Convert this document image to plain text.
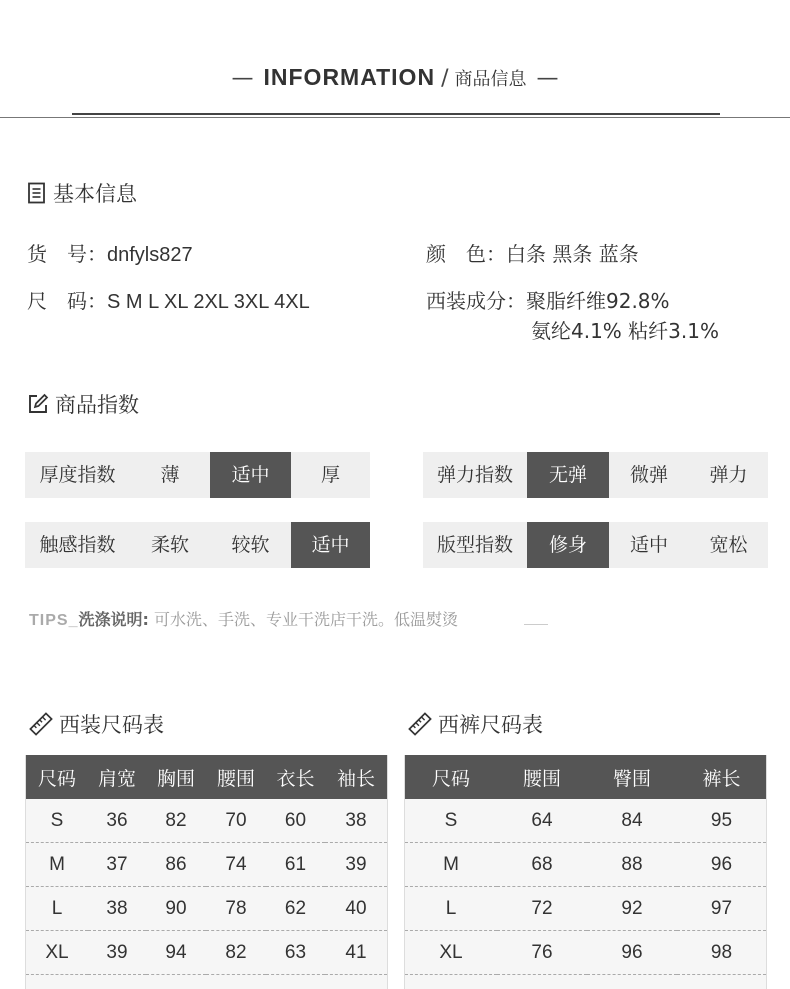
— INFORMATION / 商品信息 —
基本信息
货　号：dnfyls827
尺　码：S M L XL 2XL 3XL 4XL
颜　色：白条 黑条 蓝条
西装成分：聚脂纤维92.8%
氨纶4.1% 粘纤3.1%
商品指数
厚度指数	薄	适中	厚	弹力指数	无弹	微弹	弹力
触感指数	柔软	较软	适中	版型指数	修身	适中	宽松
TIPS_洗涤说明: 可水洗、手洗、专业干洗店干洗。低温熨烫
西装尺码表
尺码	肩宽	胸围	腰围	衣长	袖长
S	36	82	70	60	38
M	37	86	74	61	39
L	38	90	78	62	40
XL	39	94	82	63	41

西裤尺码表
尺码	腰围	臀围	裤长
S	64	84	95
M	68	88	96
L	72	92	97
XL	76	96	98
